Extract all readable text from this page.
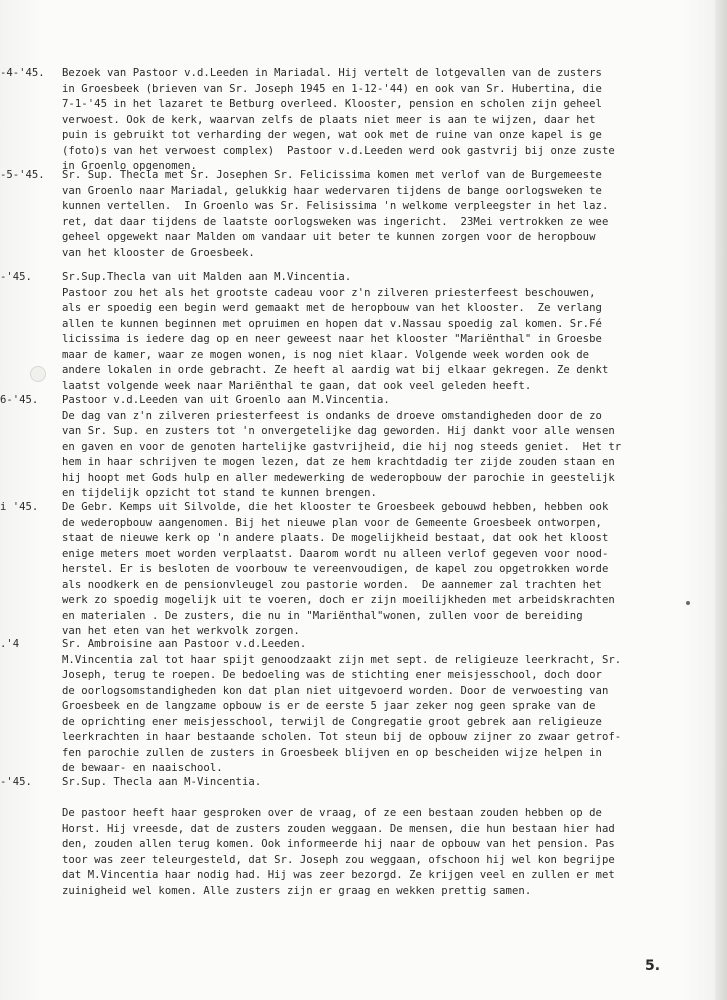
-4-'45.	Bezoek van Pastoor v.d.Leeden in Mariadal. Hij vertelt de lotgevallen van de zusters
in Groesbeek (brieven van Sr. Joseph 1945 en 1-12-'44) en ook van Sr. Hubertina, die
7-1-'45 in het lazaret te Betburg overleed. Klooster, pension en scholen zijn geheel
verwoest. Ook de kerk, waarvan zelfs de plaats niet meer is aan te wijzen, daar het
puin is gebruikt tot verharding der wegen, wat ook met de ruine van onze kapel is ge
(foto)s van het verwoest complex)  Pastoor v.d.Leeden werd ook gastvrij bij onze zuste
in Groenlo opgenomen.
-5-'45.	Sr. Sup. Thecla met Sr. Josephen Sr. Felicissima komen met verlof van de Burgemeeste
van Groenlo naar Mariadal, gelukkig haar wedervaren tijdens de bange oorlogsweken te
kunnen vertellen.  In Groenlo was Sr. Felisissima 'n welkome verpleegster in het laz.
ret, dat daar tijdens de laatste oorlogsweken was ingericht.  23Mei vertrokken ze wee
geheel opgewekt naar Malden om vandaar uit beter te kunnen zorgen voor de heropbouw
van het klooster de Groesbeek.
-'45.	Sr.Sup.Thecla van uit Malden aan M.Vincentia.
Pastoor zou het als het grootste cadeau voor z'n zilveren priesterfeest beschouwen,
als er spoedig een begin werd gemaakt met de heropbouw van het klooster.  Ze verlang
allen te kunnen beginnen met opruimen en hopen dat v.Nassau spoedig zal komen. Sr.Fé
licissima is iedere dag op en neer geweest naar het klooster "Mariënthal" in Groesbe
maar de kamer, waar ze mogen wonen, is nog niet klaar. Volgende week worden ook de
andere lokalen in orde gebracht. Ze heeft al aardig wat bij elkaar gekregen. Ze denkt
laatst volgende week naar Mariënthal te gaan, dat ook veel geleden heeft.
6-'45.	Pastoor v.d.Leeden van uit Groenlo aan M.Vincentia.
De dag van z'n zilveren priesterfeest is ondanks de droeve omstandigheden door de zo
van Sr. Sup. en zusters tot 'n onvergetelijke dag geworden. Hij dankt voor alle wensen
en gaven en voor de genoten hartelijke gastvrijheid, die hij nog steeds geniet.  Het tr
hem in haar schrijven te mogen lezen, dat ze hem krachtdadig ter zijde zouden staan en
hij hoopt met Gods hulp en aller medewerking de wederopbouw der parochie in geestelijk
en tijdelijk opzicht tot stand te kunnen brengen.
i '45.	De Gebr. Kemps uit Silvolde, die het klooster te Groesbeek gebouwd hebben, hebben ook
de wederopbouw aangenomen. Bij het nieuwe plan voor de Gemeente Groesbeek ontworpen,
staat de nieuwe kerk op 'n andere plaats. De mogelijkheid bestaat, dat ook het kloost
enige meters moet worden verplaatst. Daarom wordt nu alleen verlof gegeven voor nood-
herstel. Er is besloten de voorbouw te vereenvoudigen, de kapel zou opgetrokken worde
als noodkerk en de pensionvleugel zou pastorie worden.  De aannemer zal trachten het
werk zo spoedig mogelijk uit te voeren, doch er zijn moeilijkheden met arbeidskrachten
en materialen . De zusters, die nu in "Mariënthal"wonen, zullen voor de bereiding
van het eten van het werkvolk zorgen.
.'4	Sr. Ambroisine aan Pastoor v.d.Leeden.
M.Vincentia zal tot haar spijt genoodzaakt zijn met sept. de religieuze leerkracht, Sr.
Joseph, terug te roepen. De bedoeling was de stichting ener meisjesschool, doch door
de oorlogsomstandigheden kon dat plan niet uitgevoerd worden. Door de verwoesting van
Groesbeek en de langzame opbouw is er de eerste 5 jaar zeker nog geen sprake van de
de oprichting ener meisjesschool, terwijl de Congregatie groot gebrek aan religieuze
leerkrachten in haar bestaande scholen. Tot steun bij de opbouw zijner zo zwaar getrof-
fen parochie zullen de zusters in Groesbeek blijven en op bescheiden wijze helpen in
de bewaar- en naaischool.
-'45.	Sr.Sup. Thecla aan M-Vincentia.
De pastoor heeft haar gesproken over de vraag, of ze een bestaan zouden hebben op de
Horst. Hij vreesde, dat de zusters zouden weggaan. De mensen, die hun bestaan hier had
den, zouden allen terug komen. Ook informeerde hij naar de opbouw van het pension. Pas
toor was zeer teleurgesteld, dat Sr. Joseph zou weggaan, ofschoon hij wel kon begrijpe
dat M.Vincentia haar nodig had. Hij was zeer bezorgd. Ze krijgen veel en zullen er met
zuinigheid wel komen. Alle zusters zijn er graag en wekken prettig samen.
5.
